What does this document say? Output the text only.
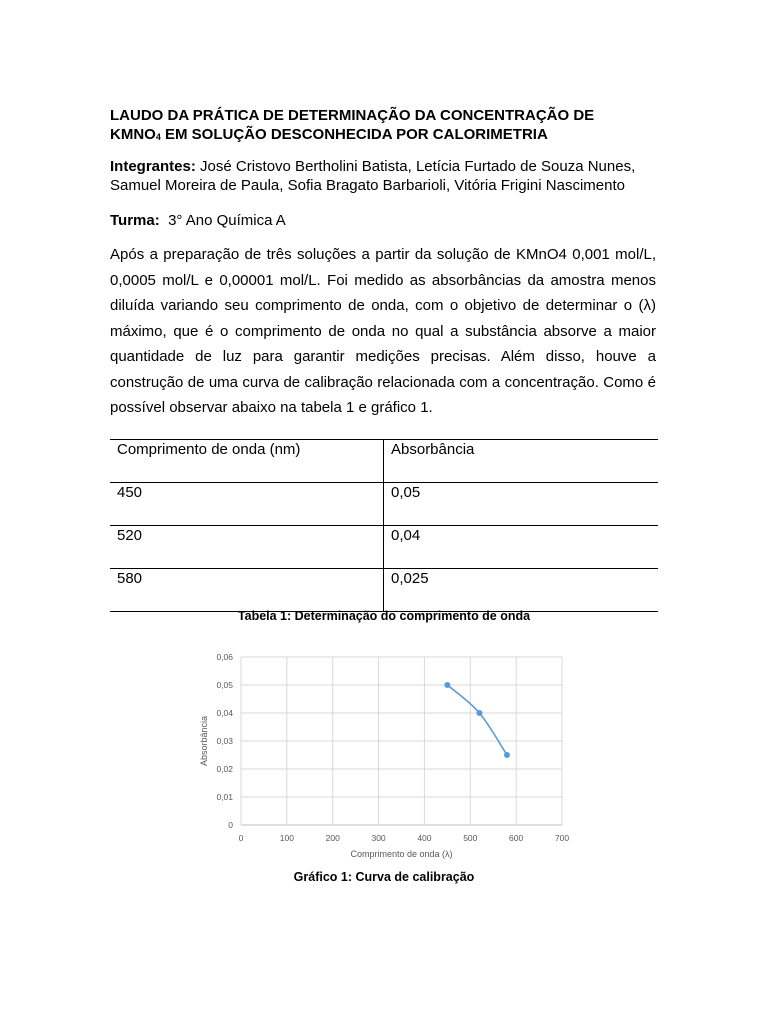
LAUDO DA PRÁTICA DE DETERMINAÇÃO DA CONCENTRAÇÃO DE
$KMNO_4$ EM SOLUÇÃO DESCONHECIDA POR CALORIMETRIA
Integrantes: José Cristovo Bertholini Batista, Letícia Furtado de Souza Nunes, Samuel Moreira de Paula, Sofia Bragato Barbarioli, Vitória Frigini Nascimento
Turma:  3° Ano Química A
Após a preparação de três soluções a partir da solução de KMnO4 0,001 mol/L, 0,0005 mol/L e 0,00001 mol/L. Foi medido as absorbâncias da amostra menos diluída variando seu comprimento de onda, com o objetivo de determinar o (λ) máximo, que é o comprimento de onda no qual a substância absorve a maior quantidade de luz para garantir medições precisas. Além disso, houve a construção de uma curva de calibração relacionada com a concentração. Como é possível observar abaixo na tabela 1 e gráfico 1.
Comprimento de onda (nm)	Absorbância

450	0,05

520	0,04

580	0,025
Tabela 1: Determinação do comprimento de onda
0
0,01
0,02
0,03
0,04
0,05
0,06
0	100	200	300	400	500	600	700
Comprimento de onda (λ)
Absorbância
Gráfico 1: Curva de calibração
